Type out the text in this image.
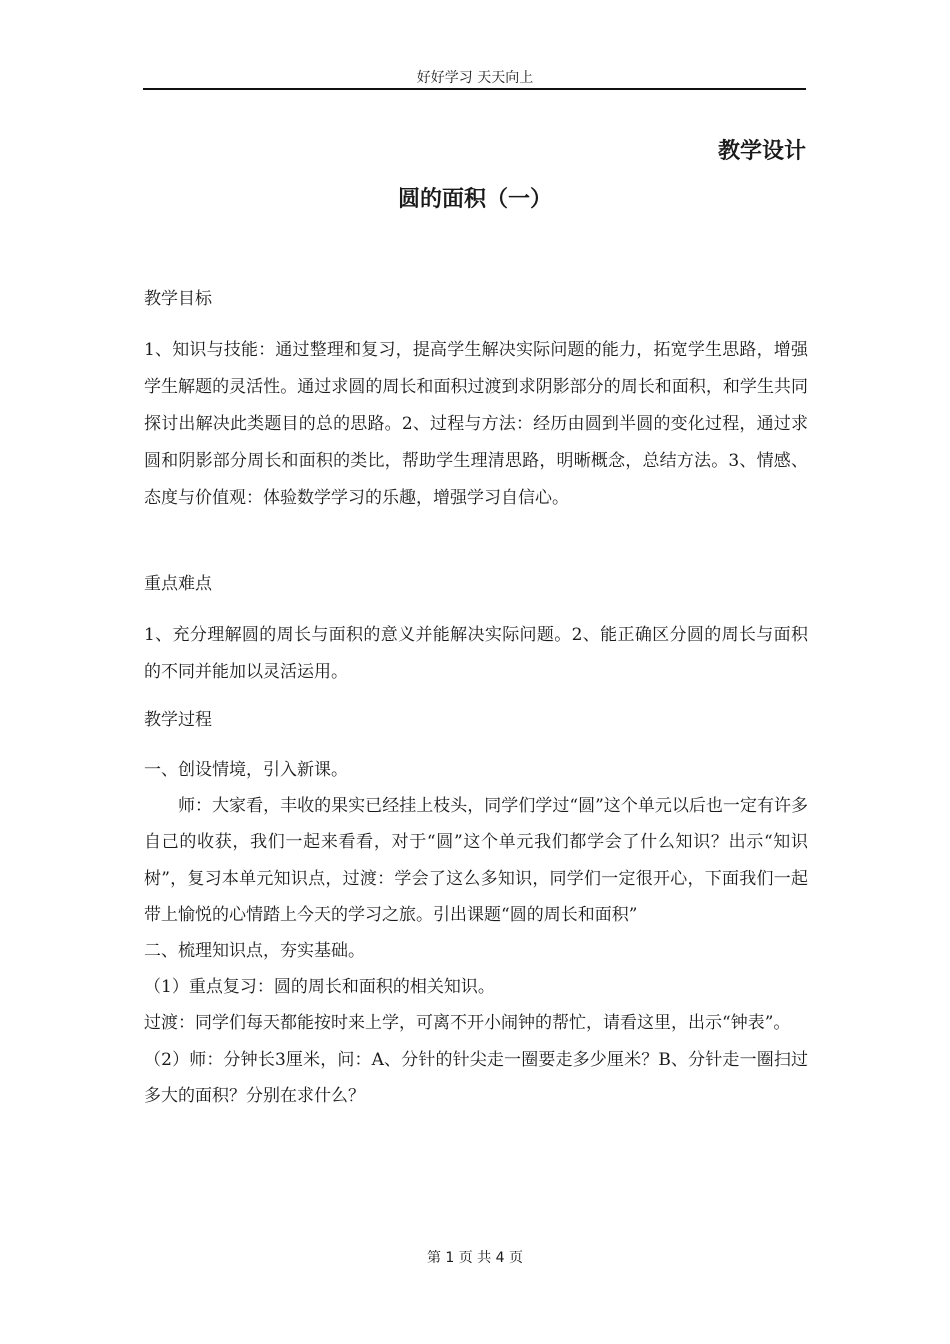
好好学习 天天向上
教学设计
圆的面积（一）
教学目标

1、知识与技能：通过整理和复习，提高学生解决实际问题的能力，拓宽学生思路，增强学生解题的灵活性。通过求圆的周长和面积过渡到求阴影部分的周长和面积，和学生共同探讨出解决此类题目的总的思路。2、过程与方法：经历由圆到半圆的变化过程，通过求圆和阴影部分周长和面积的类比，帮助学生理清思路，明晰概念，总结方法。3、情感、态度与价值观：体验数学学习的乐趣，增强学习自信心。

重点难点

1、充分理解圆的周长与面积的意义并能解决实际问题。2、能正确区分圆的周长与面积的不同并能加以灵活运用。

教学过程
一、创设情境，引入新课。
师：大家看，丰收的果实已经挂上枝头，同学们学过“圆”这个单元以后也一定有许多自己的收获，我们一起来看看，对于“圆”这个单元我们都学会了什么知识？出示“知识树”，复习本单元知识点，过渡：学会了这么多知识，同学们一定很开心，下面我们一起带上愉悦的心情踏上今天的学习之旅。引出课题“圆的周长和面积”
二、梳理知识点，夯实基础。
（1）重点复习：圆的周长和面积的相关知识。
过渡：同学们每天都能按时来上学，可离不开小闹钟的帮忙，请看这里，出示“钟表”。
（2）师：分钟长3厘米，问：A、分针的针尖走一圈要走多少厘米？B、分针走一圈扫过多大的面积？分别在求什么？
第 1 页 共 4 页
